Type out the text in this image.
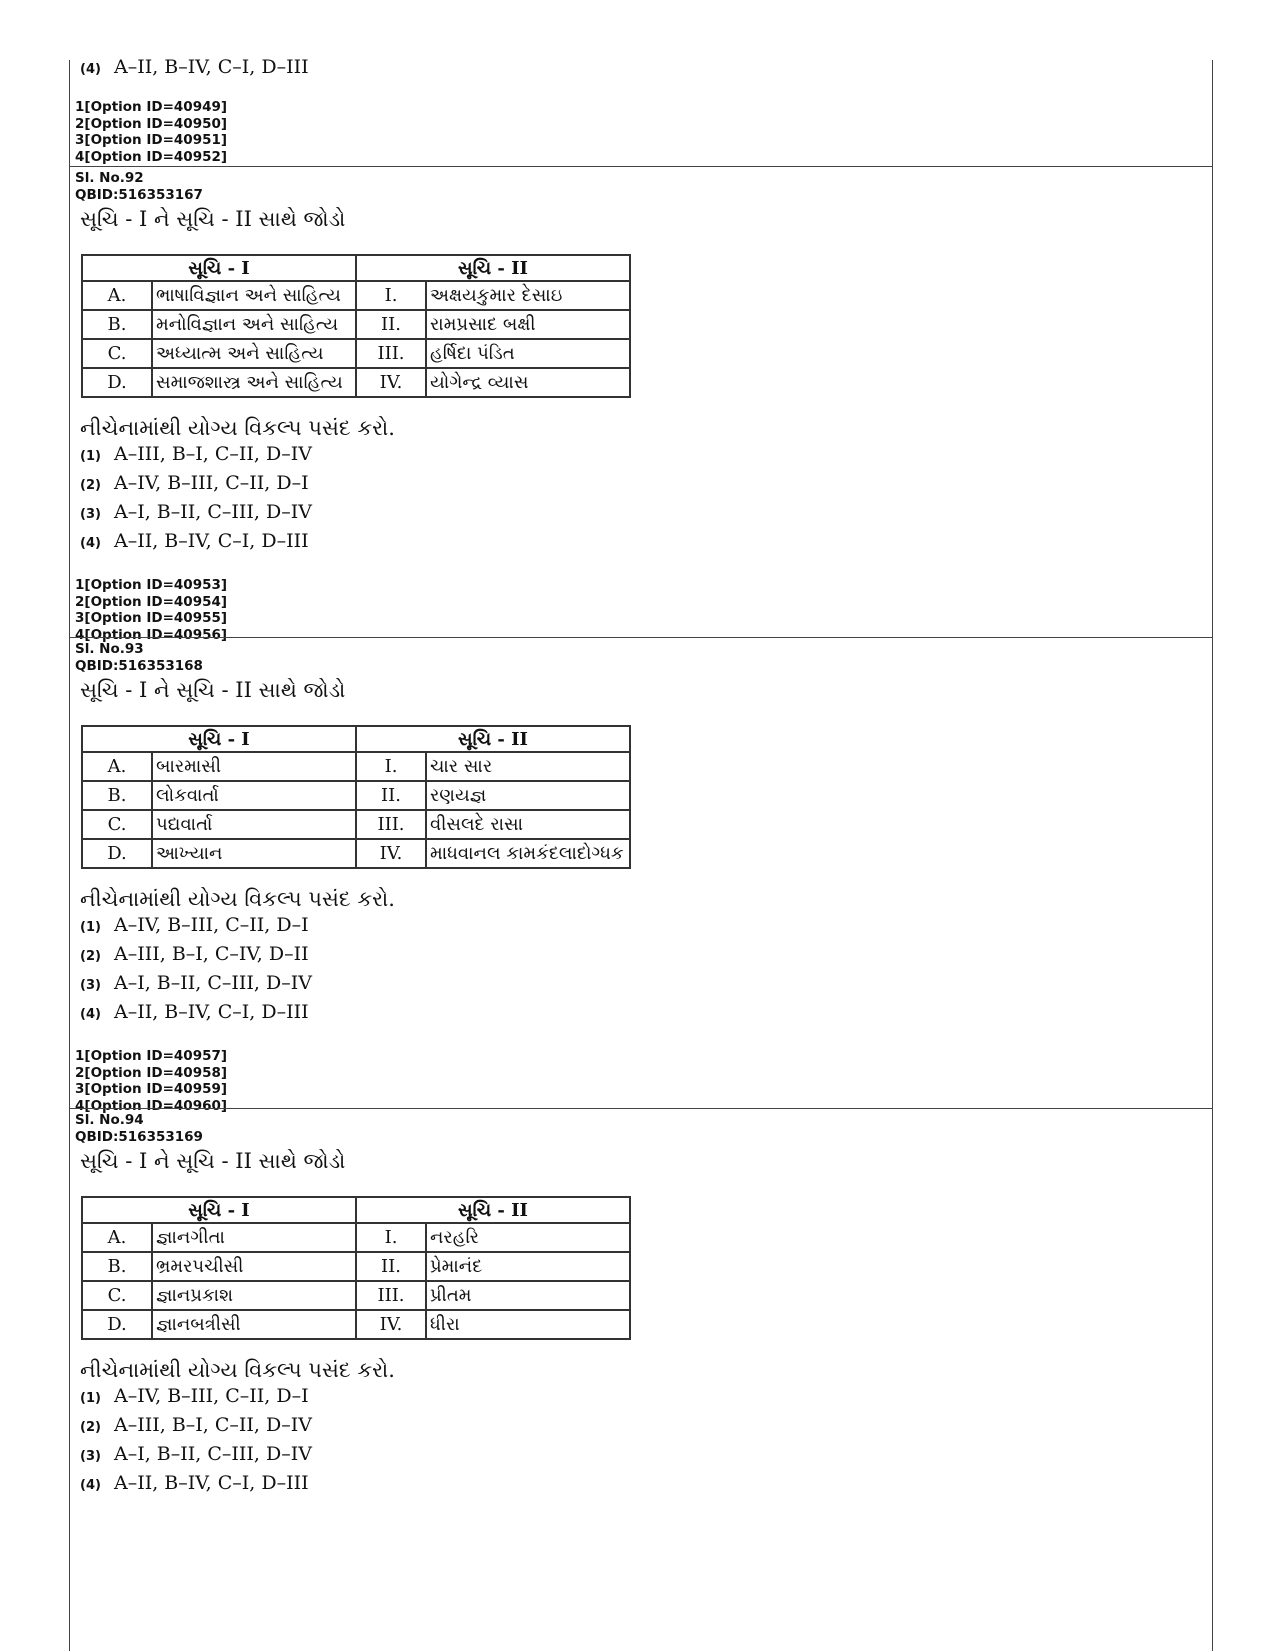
(4) A–II, B–IV, C–I, D–III
1[Option ID=40949]
2[Option ID=40950]
3[Option ID=40951]
4[Option ID=40952]
Sl. No.92
QBID:516353167
સૂચિ - I ને સૂચિ - II સાથે જોડો
સૂચિ - I		સૂચિ - II	
A.	ભાષાવિજ્ઞાન અને સાહિત્ય	I.	અક્ષયકુમાર દેસાઇ
B.	મનોવિજ્ઞાન અને સાહિત્ય	II.	રામપ્રસાદ બક્ષી
C.	અધ્યાત્મ અને સાહિત્ય	III.	હર્ષિદા પંડિત
D.	સમાજશાસ્ત્ર અને સાહિત્ય	IV.	યોગેન્દ્ર વ્યાસ
નીચેનામાંથી યોગ્ય વિકલ્પ પસંદ કરો.
(1) A–III, B–I, C–II, D–IV
(2) A–IV, B–III, C–II, D–I
(3) A–I, B–II, C–III, D–IV
(4) A–II, B–IV, C–I, D–III
1[Option ID=40953]
2[Option ID=40954]
3[Option ID=40955]
4[Option ID=40956]
Sl. No.93
QBID:516353168
સૂચિ - I ને સૂચિ - II સાથે જોડો
સૂચિ - I		સૂચિ - II	
A.	બારમાસી	I.	ચાર સાર
B.	લોકવાર્તા	II.	રણયજ્ઞ
C.	પદ્યવાર્તા	III.	વીસલદે રાસા
D.	આખ્યાન	IV.	માધવાનલ કામકંદલાદોગ્ધક
નીચેનામાંથી યોગ્ય વિકલ્પ પસંદ કરો.
(1) A–IV, B–III, C–II, D–I
(2) A–III, B–I, C–IV, D–II
(3) A–I, B–II, C–III, D–IV
(4) A–II, B–IV, C–I, D–III
1[Option ID=40957]
2[Option ID=40958]
3[Option ID=40959]
4[Option ID=40960]
Sl. No.94
QBID:516353169
સૂચિ - I ને સૂચિ - II સાથે જોડો
સૂચિ - I		સૂચિ - II	
A.	જ્ઞાનગીતા	I.	નરહરિ
B.	ભ્રમરપચીસી	II.	પ્રેમાનંદ
C.	જ્ઞાનપ્રકાશ	III.	પ્રીતમ
D.	જ્ઞાનબત્રીસી	IV.	ધીરા
નીચેનામાંથી યોગ્ય વિકલ્પ પસંદ કરો.
(1) A–IV, B–III, C–II, D–I
(2) A–III, B–I, C–II, D–IV
(3) A–I, B–II, C–III, D–IV
(4) A–II, B–IV, C–I, D–III
